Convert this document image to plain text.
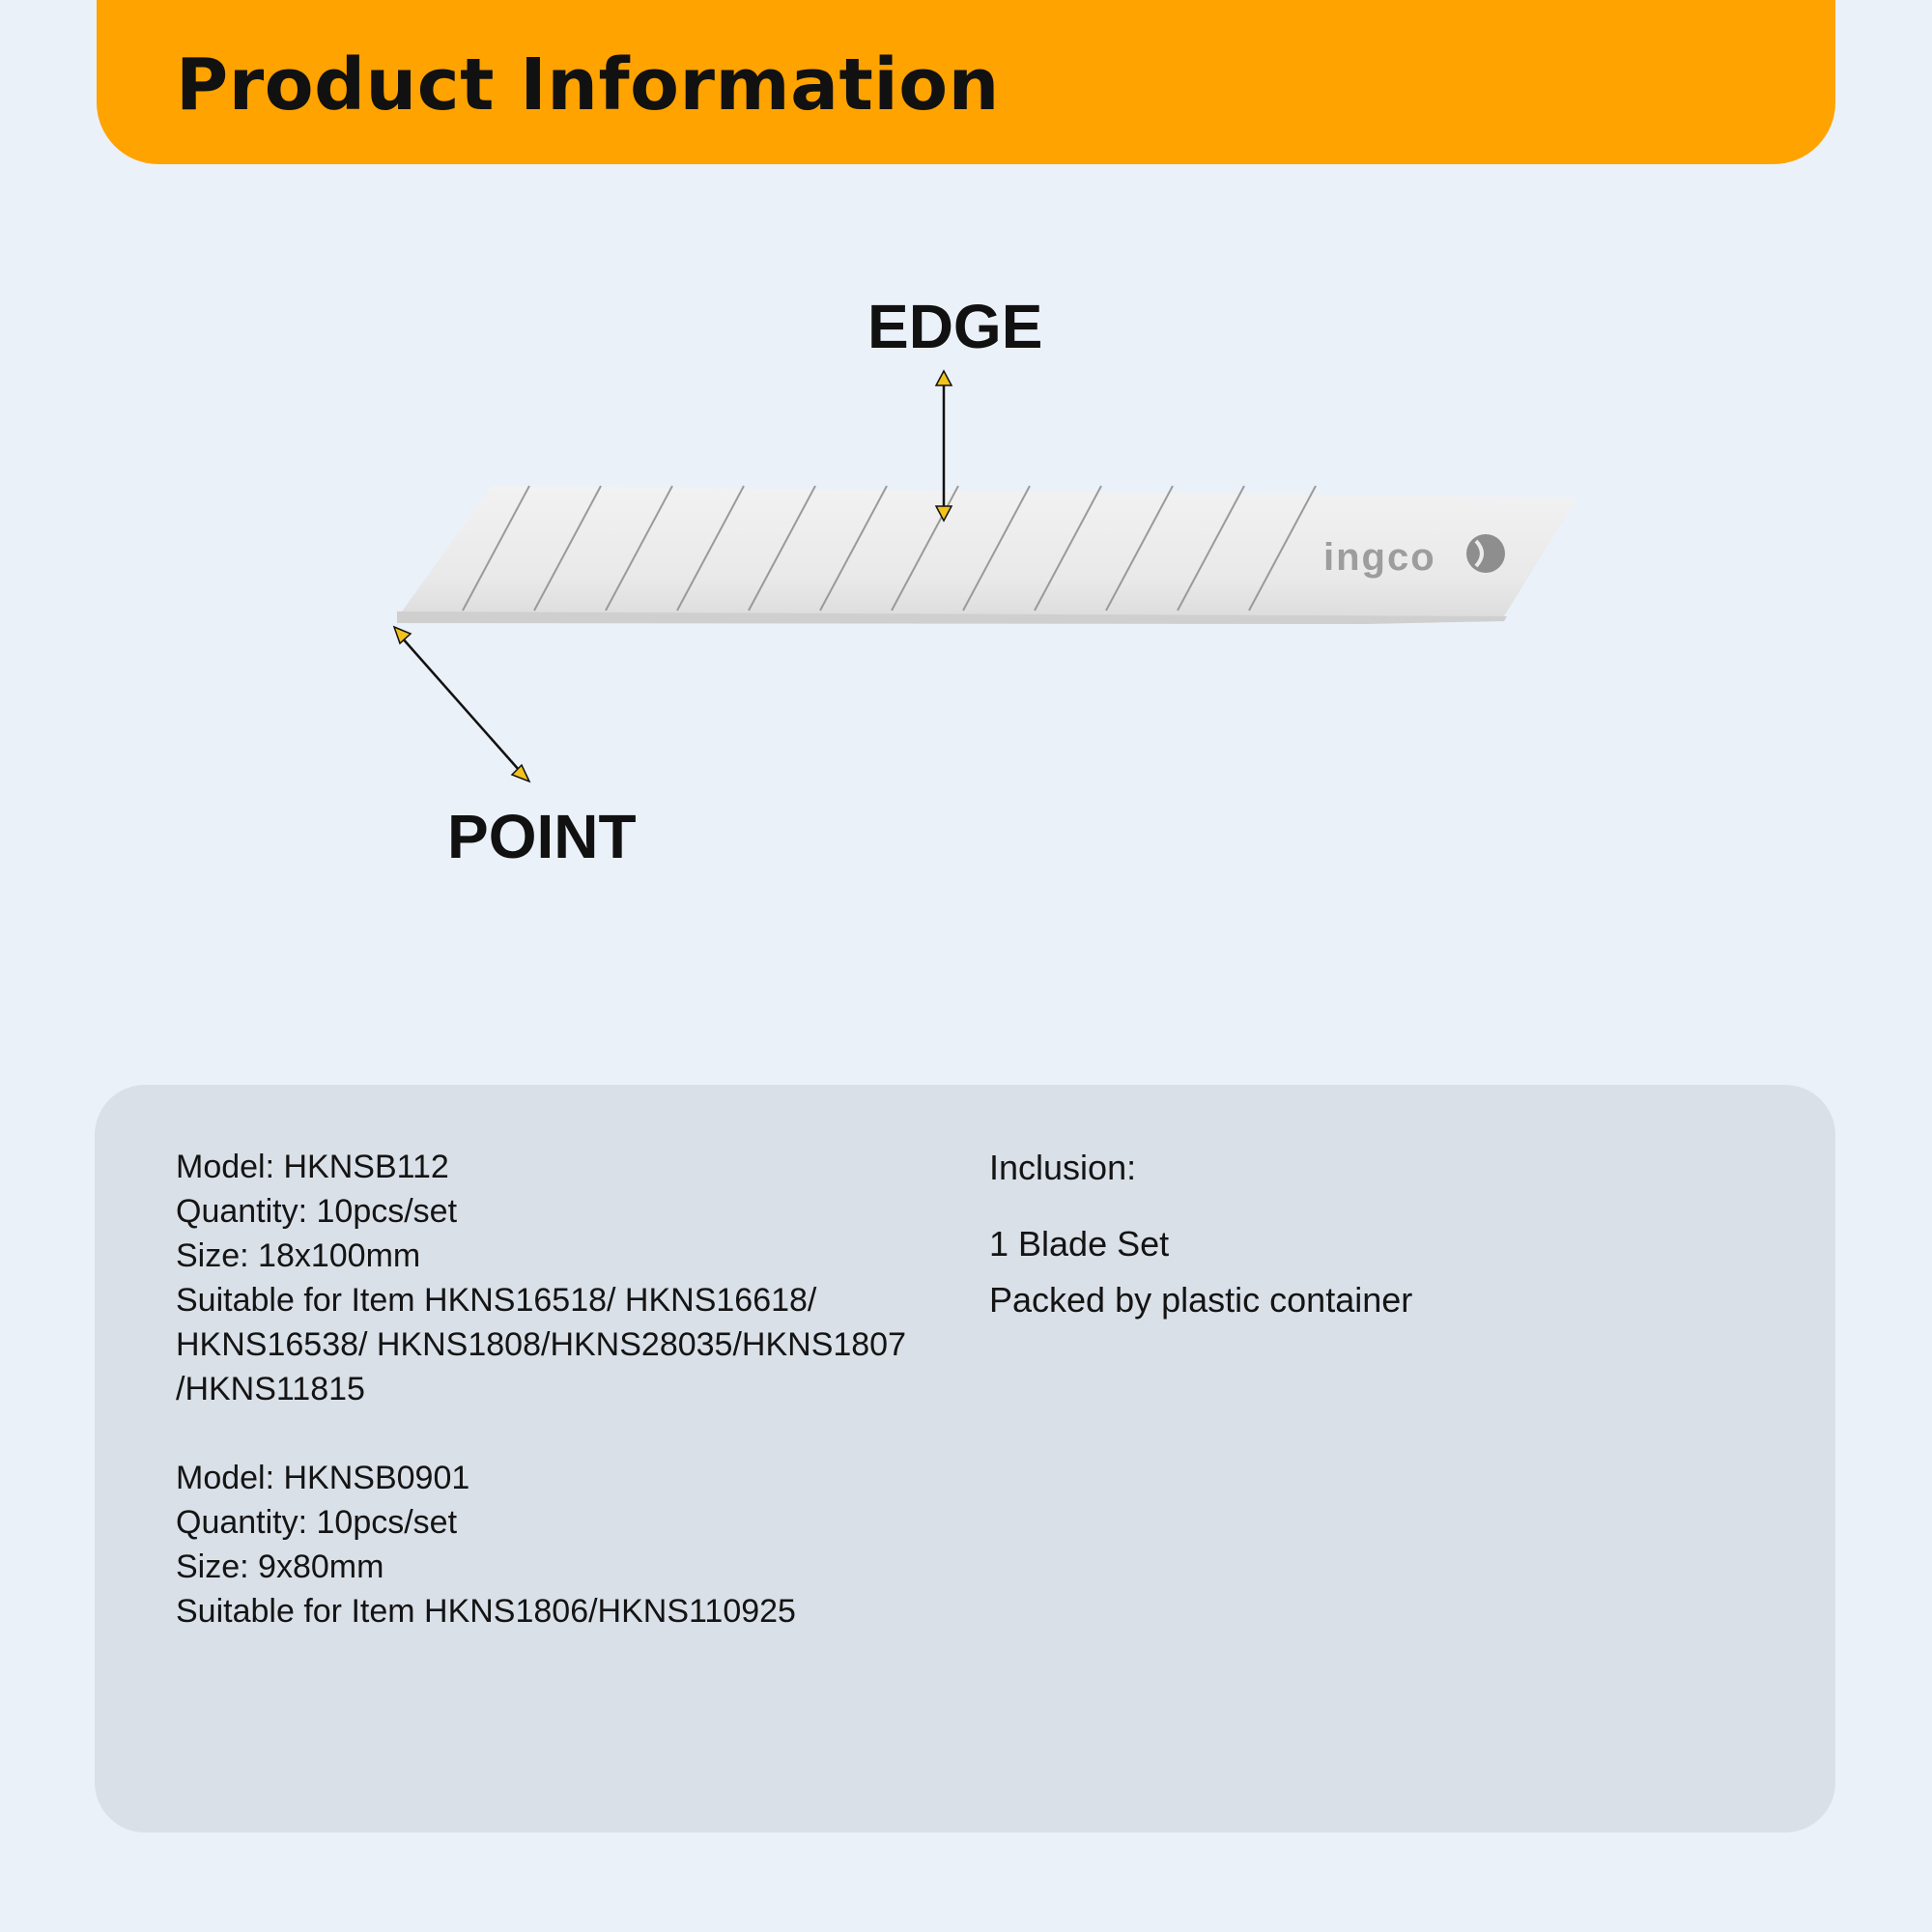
Product Information
ingco
EDGE
POINT
Model: HKNSB112
Quantity: 10pcs/set
Size: 18x100mm
Suitable for Item HKNS16518/ HKNS16618/
HKNS16538/ HKNS1808/HKNS28035/HKNS1807
/HKNS11815
Model: HKNSB0901
Quantity: 10pcs/set
Size: 9x80mm
Suitable for Item HKNS1806/HKNS110925
Inclusion:
1 Blade Set
Packed by plastic container
